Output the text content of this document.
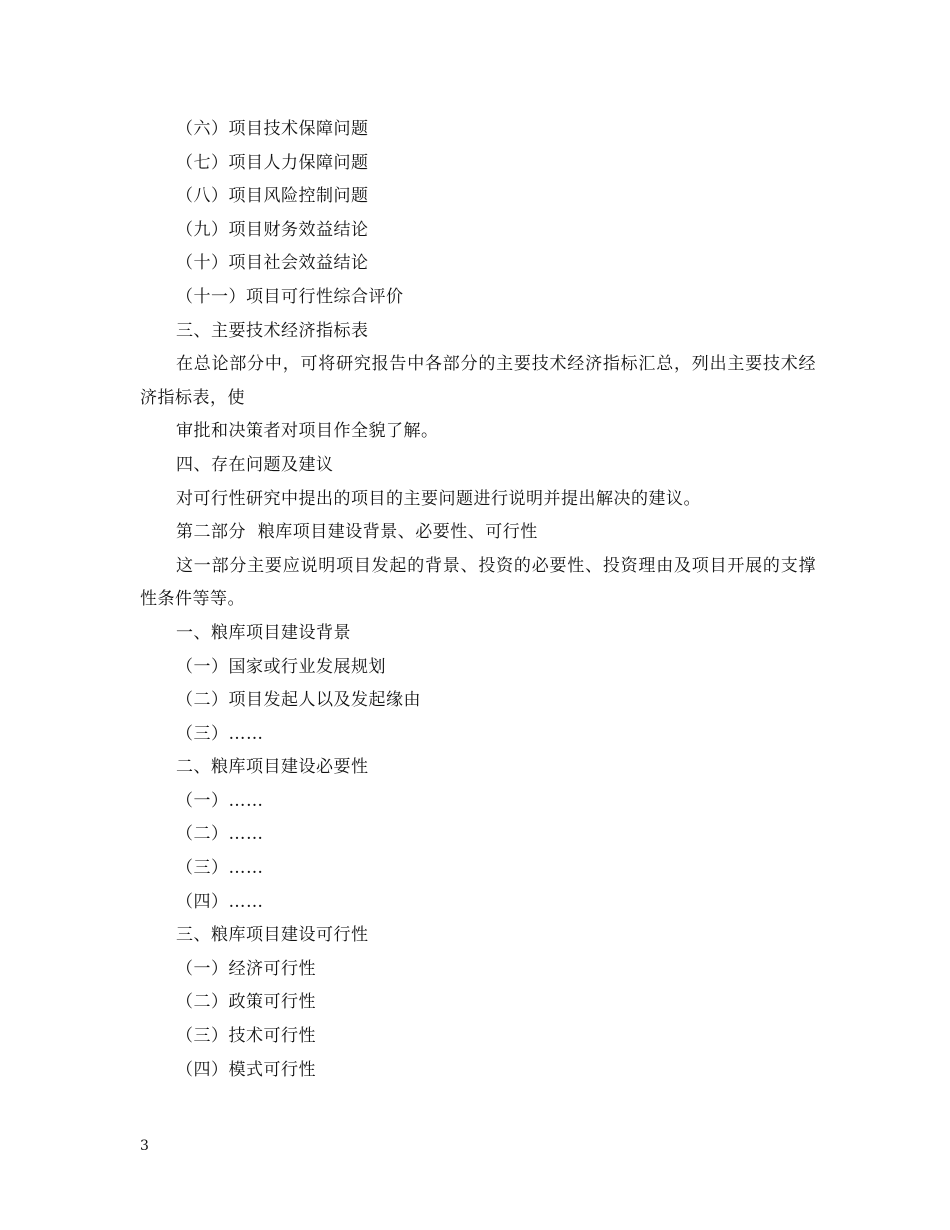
（六）项目技术保障问题
（七）项目人力保障问题
（八）项目风险控制问题
（九）项目财务效益结论
（十）项目社会效益结论
（十一）项目可行性综合评价
三、主要技术经济指标表
在总论部分中，可将研究报告中各部分的主要技术经济指标汇总，列出主要技术经济指标表，使
审批和决策者对项目作全貌了解。
四、存在问题及建议
对可行性研究中提出的项目的主要问题进行说明并提出解决的建议。
第二部分  粮库项目建设背景、必要性、可行性
这一部分主要应说明项目发起的背景、投资的必要性、投资理由及项目开展的支撑性条件等等。
一、粮库项目建设背景
（一）国家或行业发展规划
（二）项目发起人以及发起缘由
（三）……
二、粮库项目建设必要性
（一）……
（二）……
（三）……
（四）……
三、粮库项目建设可行性
（一）经济可行性
（二）政策可行性
（三）技术可行性
（四）模式可行性
3
